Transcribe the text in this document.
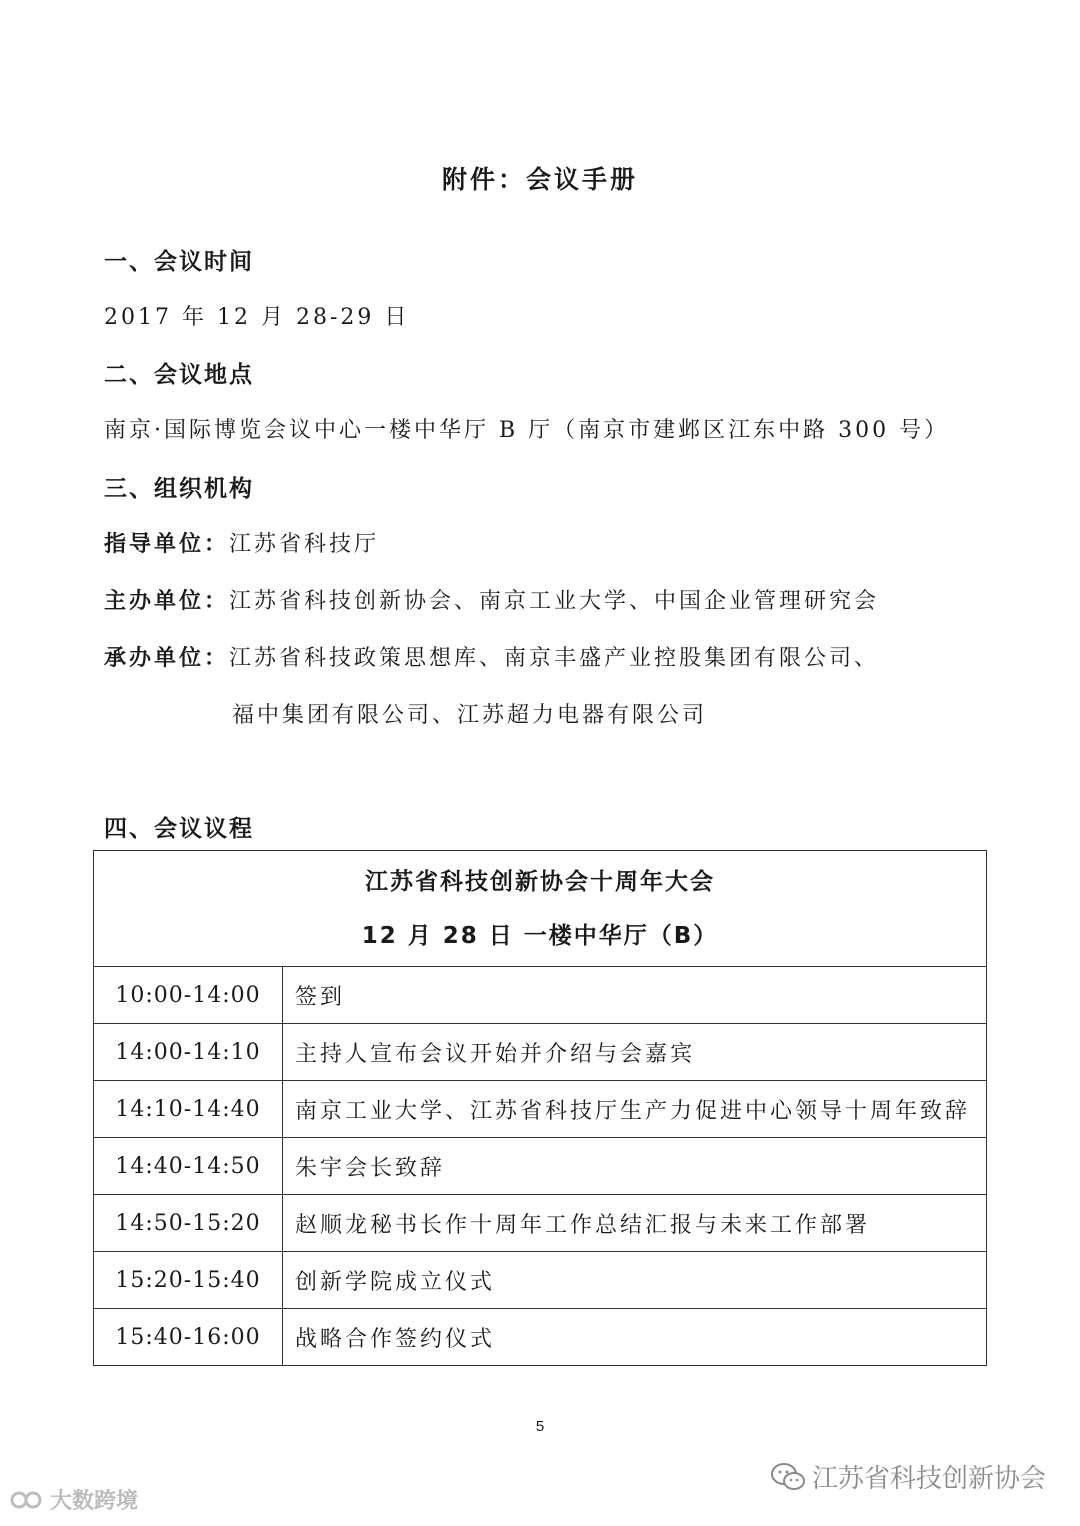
附件：会议手册
一、会议时间
2017 年 12 月 28-29 日
二、会议地点
南京·国际博览会议中心一楼中华厅 B 厅（南京市建邺区江东中路 300 号）
三、组织机构
指导单位：江苏省科技厅
主办单位：江苏省科技创新协会、南京工业大学、中国企业管理研究会
承办单位：江苏省科技政策思想库、南京丰盛产业控股集团有限公司、
福中集团有限公司、江苏超力电器有限公司
四、会议议程
江苏省科技创新协会十周年大会
12 月 28 日 一楼中华厅（B）	

10:00-14:00	签到
14:00-14:10	主持人宣布会议开始并介绍与会嘉宾
14:10-14:40	南京工业大学、江苏省科技厅生产力促进中心领导十周年致辞
14:40-14:50	朱宇会长致辞
14:50-15:20	赵顺龙秘书长作十周年工作总结汇报与未来工作部署
15:20-15:40	创新学院成立仪式
15:40-16:00	战略合作签约仪式
5
大数跨境
江苏省科技创新协会
